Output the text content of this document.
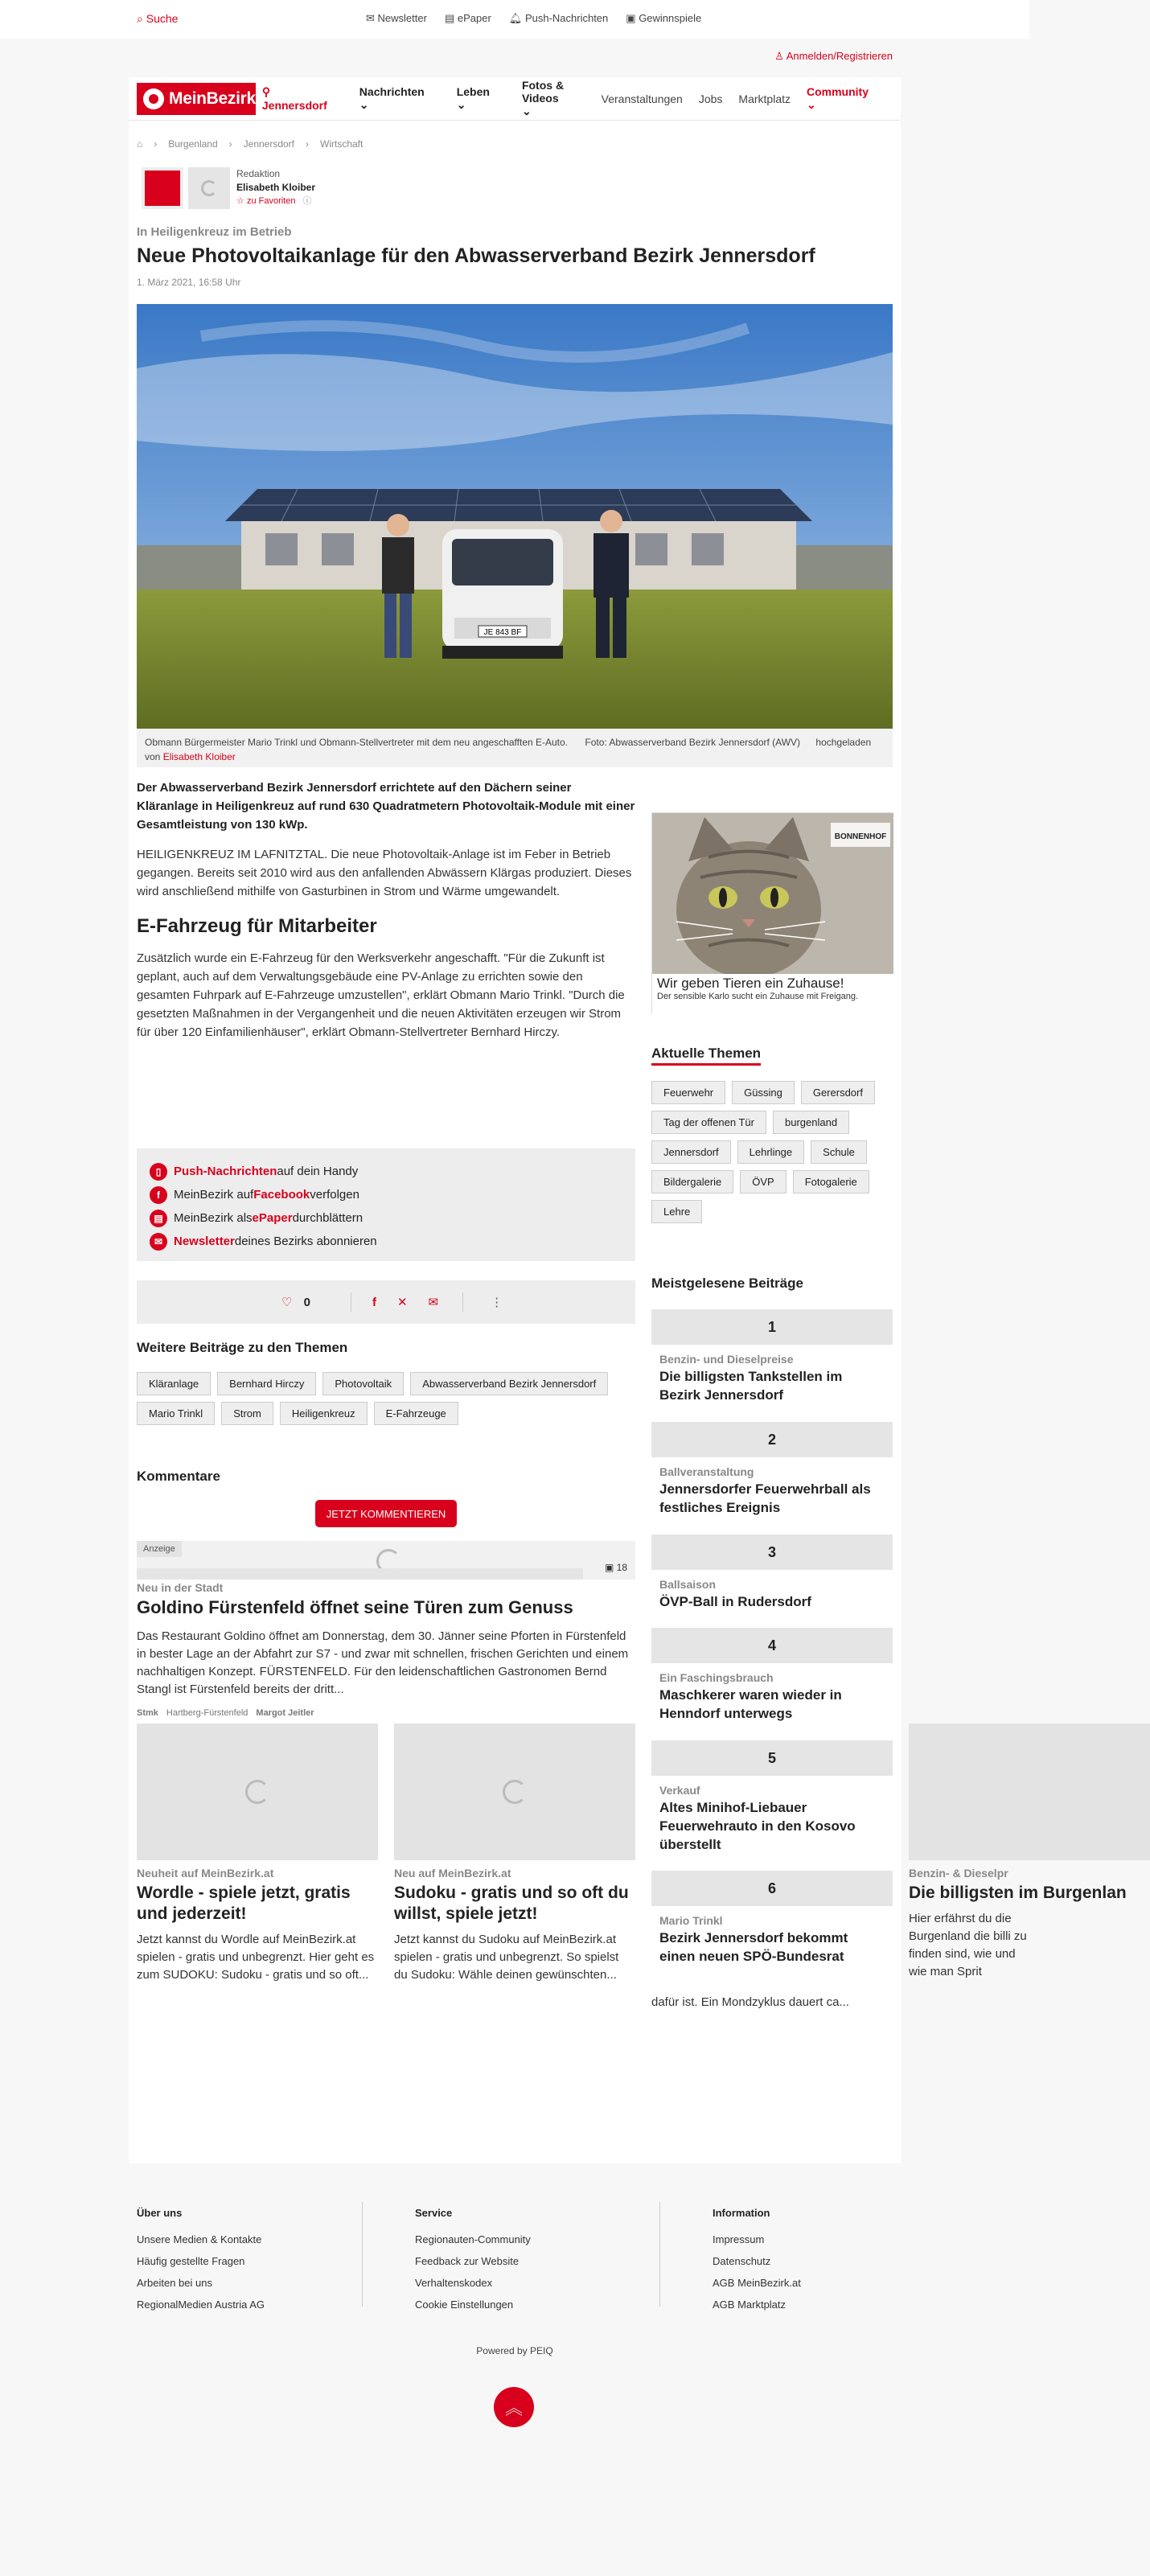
⌕ Suche	✉ Newsletter ▤ ePaper 🔔︎ Push-Nachrichten ▣ Gewinnspiele
♙ Anmelden/Registrieren
MeinBezirk ⚲ Jennersdorf
Nachrichten ⌄
Leben ⌄
Fotos & Videos ⌄
Veranstaltungen Jobs Marktplatz
Community ⌄
⌂ › Burgenland › Jennersdorf › Wirtschaft
Redaktion
Elisabeth Kloiber
☆ zu Favoriten ⓘ
In Heiligenkreuz im Betrieb
Neue Photovoltaikanlage für den Abwasserverband Bezirk Jennersdorf
1. März 2021, 16:58 Uhr
JE 843 BF
Obmann Bürgermeister Mario Trinkl und Obmann-Stellvertreter mit dem neu angeschafften E-Auto. Foto: Abwasserverband Bezirk Jennersdorf (AWV) hochgeladen von Elisabeth Kloiber

Der Abwasserverband Bezirk Jennersdorf errichtete auf den Dächern seiner Kläranlage in Heiligenkreuz auf rund 630 Quadratmetern Photovoltaik-Module mit einer Gesamtleistung von 130 kWp.

HEILIGENKREUZ IM LAFNITZTAL. Die neue Photovoltaik-Anlage ist im Feber in Betrieb gegangen. Bereits seit 2010 wird aus den anfallenden Abwässern Klärgas produziert. Dieses wird anschließend mithilfe von Gasturbinen in Strom und Wärme umgewandelt.

E-Fahrzeug für Mitarbeiter

Zusätzlich wurde ein E-Fahrzeug für den Werksverkehr angeschafft. "Für die Zukunft ist geplant, auch auf dem Verwaltungsgebäude eine PV-Anlage zu errichten sowie den gesamten Fuhrpark auf E-Fahrzeuge umzustellen", erklärt Obmann Mario Trinkl. "Durch die gesetzten Maßnahmen in der Vergangenheit und die neuen Aktivitäten erzeugen wir Strom für über 120 Einfamilienhäuser", erklärt Obmann-Stellvertreter Bernhard Hirczy.

▯	Push-Nachrichten auf dein Handy
f	MeinBezirk auf Facebook verfolgen
▤ MeinBezirk als ePaper durchblättern
✉ Newsletter deines Bezirks abonnieren
♡ 0	f ✕ ✉	⋮
Weitere Beiträge zu den Themen
Kläranlage	Bernhard Hirczy	Photovoltaik	Abwasserverband Bezirk Jennersdorf
Mario Trinkl	Strom	Heiligenkreuz	E-Fahrzeuge
Kommentare
JETZT KOMMENTIEREN
Anzeige
▣ 18
Neu in der Stadt
Goldino Fürstenfeld öffnet seine Türen zum Genuss
Das Restaurant Goldino öffnet am Donnerstag, dem 30. Jänner seine Pforten in Fürstenfeld in bester Lage an der Abfahrt zur S7 - und zwar mit schnellen, frischen Gerichten und einem nachhaltigen Konzept. FÜRSTENFELD. Für den leidenschaftlichen Gastronomen Bernd Stangl ist Fürstenfeld bereits der dritt...
Stmk Hartberg-Fürstenfeld Margot Jeitler
Neuheit auf MeinBezirk.at
Wordle - spiele jetzt, gratis und jederzeit!
Jetzt kannst du Wordle auf MeinBezirk.at spielen - gratis und unbegrenzt. Hier geht es zum SUDOKU: Sudoku - gratis und so oft...
Neu auf MeinBezirk.at
Sudoku - gratis und so oft du willst, spiele jetzt!
Jetzt kannst du Sudoku auf MeinBezirk.at spielen - gratis und unbegrenzt. So spielst du Sudoku: Wähle deinen gewünschten...
dafür ist. Ein Mondzyklus dauert ca...
Benzin- & Dieselpr
Die billigsten im Burgenlan
Hier erfährst du die Burgenland die billi zu finden sind, wie und wie man Sprit
BONNENHOF
Wir geben Tieren ein Zuhause!
Der sensible Karlo sucht ein Zuhause mit Freigang.
Aktuelle Themen
Feuerwehr	Güssing	Gerersdorf
Tag der offenen Tür	burgenland
Jennersdorf	Lehrlinge	Schule
Bildergalerie	ÖVP	Fotogalerie
Lehre
Meistgelesene Beiträge
1
Benzin- und Dieselpreise
Die billigsten Tankstellen im Bezirk Jennersdorf
2
Ballveranstaltung
Jennersdorfer Feuerwehrball als festliches Ereignis
3
Ballsaison
ÖVP-Ball in Rudersdorf
4
Ein Faschingsbrauch
Maschkerer waren wieder in Henndorf unterwegs
5
Verkauf
Altes Minihof-Liebauer Feuerwehrauto in den Kosovo überstellt
6
Mario Trinkl
Bezirk Jennersdorf bekommt einen neuen SPÖ-Bundesrat
Über uns
Unsere Medien & Kontakte
Häufig gestellte Fragen
Arbeiten bei uns
RegionalMedien Austria AG
Service
Regionauten-Community
Feedback zur Website
Verhaltenskodex
Cookie Einstellungen
Information
Impressum
Datenschutz
AGB MeinBezirk.at
AGB Marktplatz
Powered by PEIQ
︽
